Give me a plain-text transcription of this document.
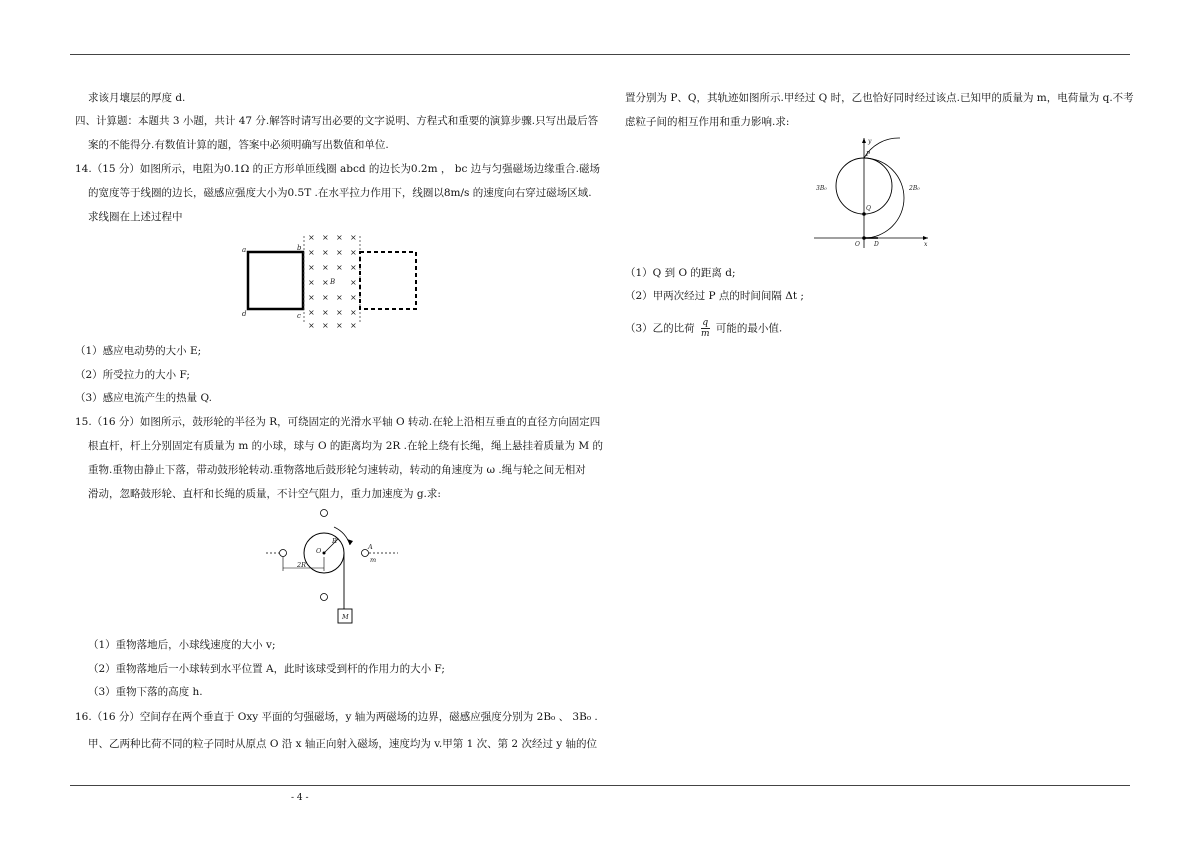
求该月壤层的厚度 d.
四、计算题：本题共 3 小题，共计 47 分.解答时请写出必要的文字说明、方程式和重要的演算步骤.只写出最后答
案的不能得分.有数值计算的题，答案中必须明确写出数值和单位.
14.（15 分）如图所示，电阻为0.1Ω 的正方形单匝线圈 abcd 的边长为0.2m ， bc 边与匀强磁场边缘重合.磁场
的宽度等于线圈的边长，磁感应强度大小为0.5T .在水平拉力作用下，线圈以8m/s 的速度向右穿过磁场区域.
求线圈在上述过程中
× × × ×
× × × ×
× × × ×
× ×	×
× × × ×
× × × ×
× × × ×
a	b
d	c
B
（1）感应电动势的大小 E;
（2）所受拉力的大小 F;
（3）感应电流产生的热量 Q.
15.（16 分）如图所示，鼓形轮的半径为 R，可绕固定的光滑水平轴 O 转动.在轮上沿相互垂直的直径方向固定四
根直杆，杆上分别固定有质量为 m 的小球，球与 O 的距离均为 2R .在轮上绕有长绳，绳上悬挂着质量为 M 的
重物.重物由静止下落，带动鼓形轮转动.重物落地后鼓形轮匀速转动，转动的角速度为 ω .绳与轮之间无相对
滑动，忽略鼓形轮、直杆和长绳的质量，不计空气阻力，重力加速度为 g.求:
O
R
A
m
2R
M
（1）重物落地后，小球线速度的大小 v;
（2）重物落地后一小球转到水平位置 A，此时该球受到杆的作用力的大小 F;
（3）重物下落的高度 h.
16.（16 分）空间存在两个垂直于 Oxy 平面的匀强磁场，y 轴为两磁场的边界，磁感应强度分别为 2B₀ 、 3B₀ .
甲、乙两种比荷不同的粒子同时从原点 O 沿 x 轴正向射入磁场，速度均为 v.甲第 1 次、第 2 次经过 y 轴的位
置分别为 P、Q，其轨迹如图所示.甲经过 Q 时，乙也恰好同时经过该点.已知甲的质量为 m，电荷量为 q.不考
虑粒子间的相互作用和重力影响.求:
y
x
P
Q
O D
3B₀	2B₀
（1）Q 到 O 的距离 d;
（2）甲两次经过 P 点的时间间隔 Δt ;
（3）乙的比荷 $\frac{q}{m}$ 可能的最小值.
- 4 -
